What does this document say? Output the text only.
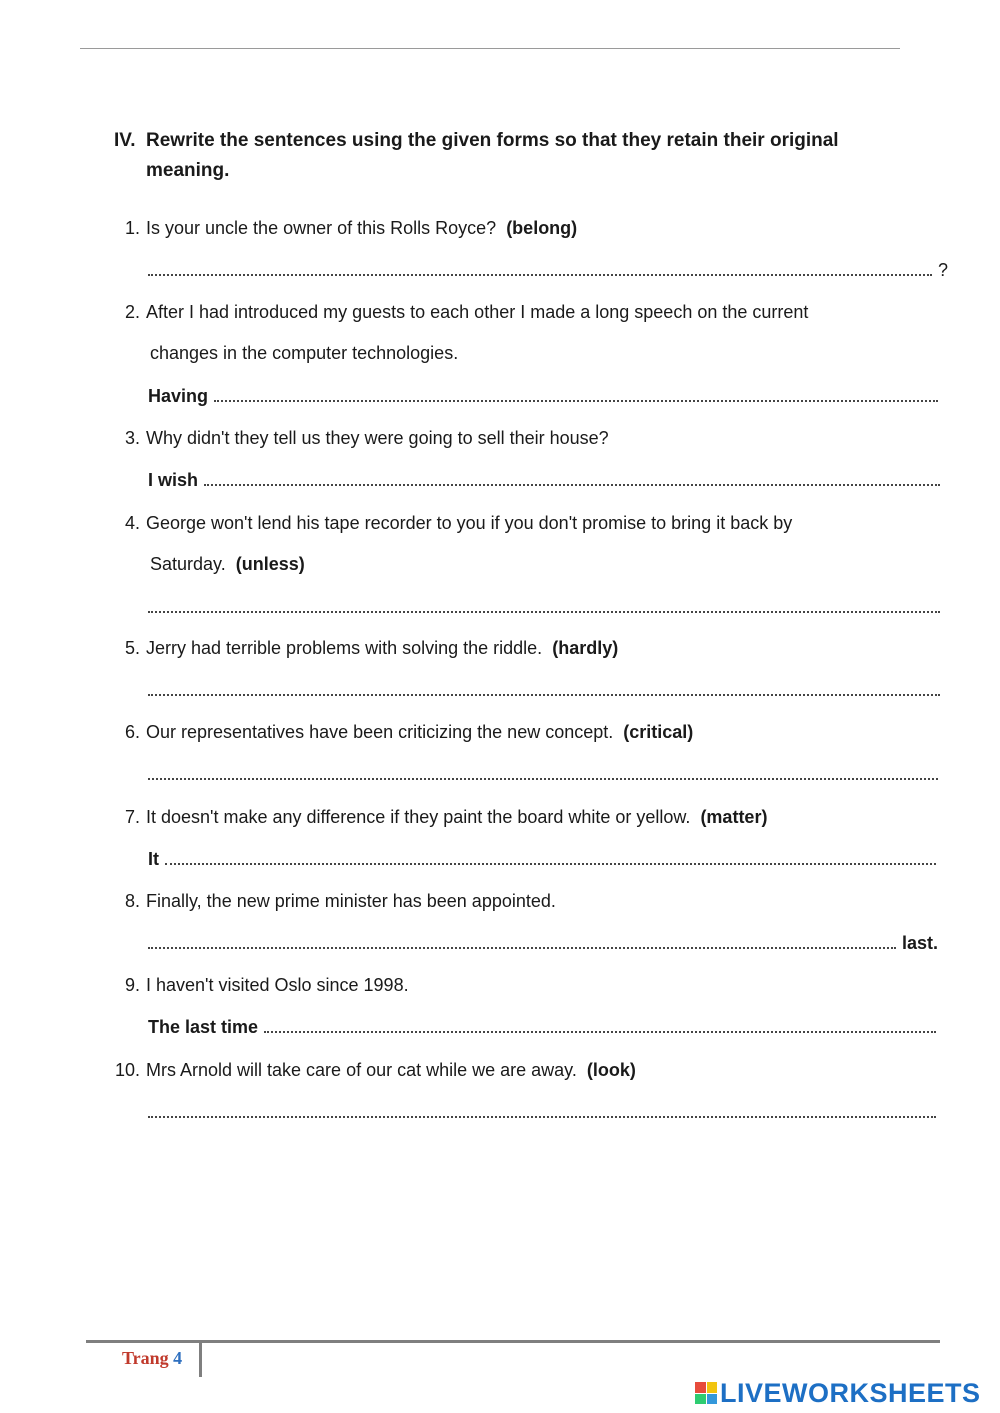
IV. Rewrite the sentences using the given forms so that they retain their original
meaning.
1. Is your uncle the owner of this Rolls Royce? (belong)
?
2. After I had introduced my guests to each other I made a long speech on the current
changes in the computer technologies.
Having
3. Why didn't they tell us they were going to sell their house?
I wish
4. George won't lend his tape recorder to you if you don't promise to bring it back by
Saturday. (unless)
5. Jerry had terrible problems with solving the riddle. (hardly)
6. Our representatives have been criticizing the new concept. (critical)
7. It doesn't make any difference if they paint the board white or yellow. (matter)
It
8. Finally, the new prime minister has been appointed.
last.
9. I haven't visited Oslo since 1998.
The last time
10. Mrs Arnold will take care of our cat while we are away. (look)
Trang 4
LIVEWORKSHEETS
